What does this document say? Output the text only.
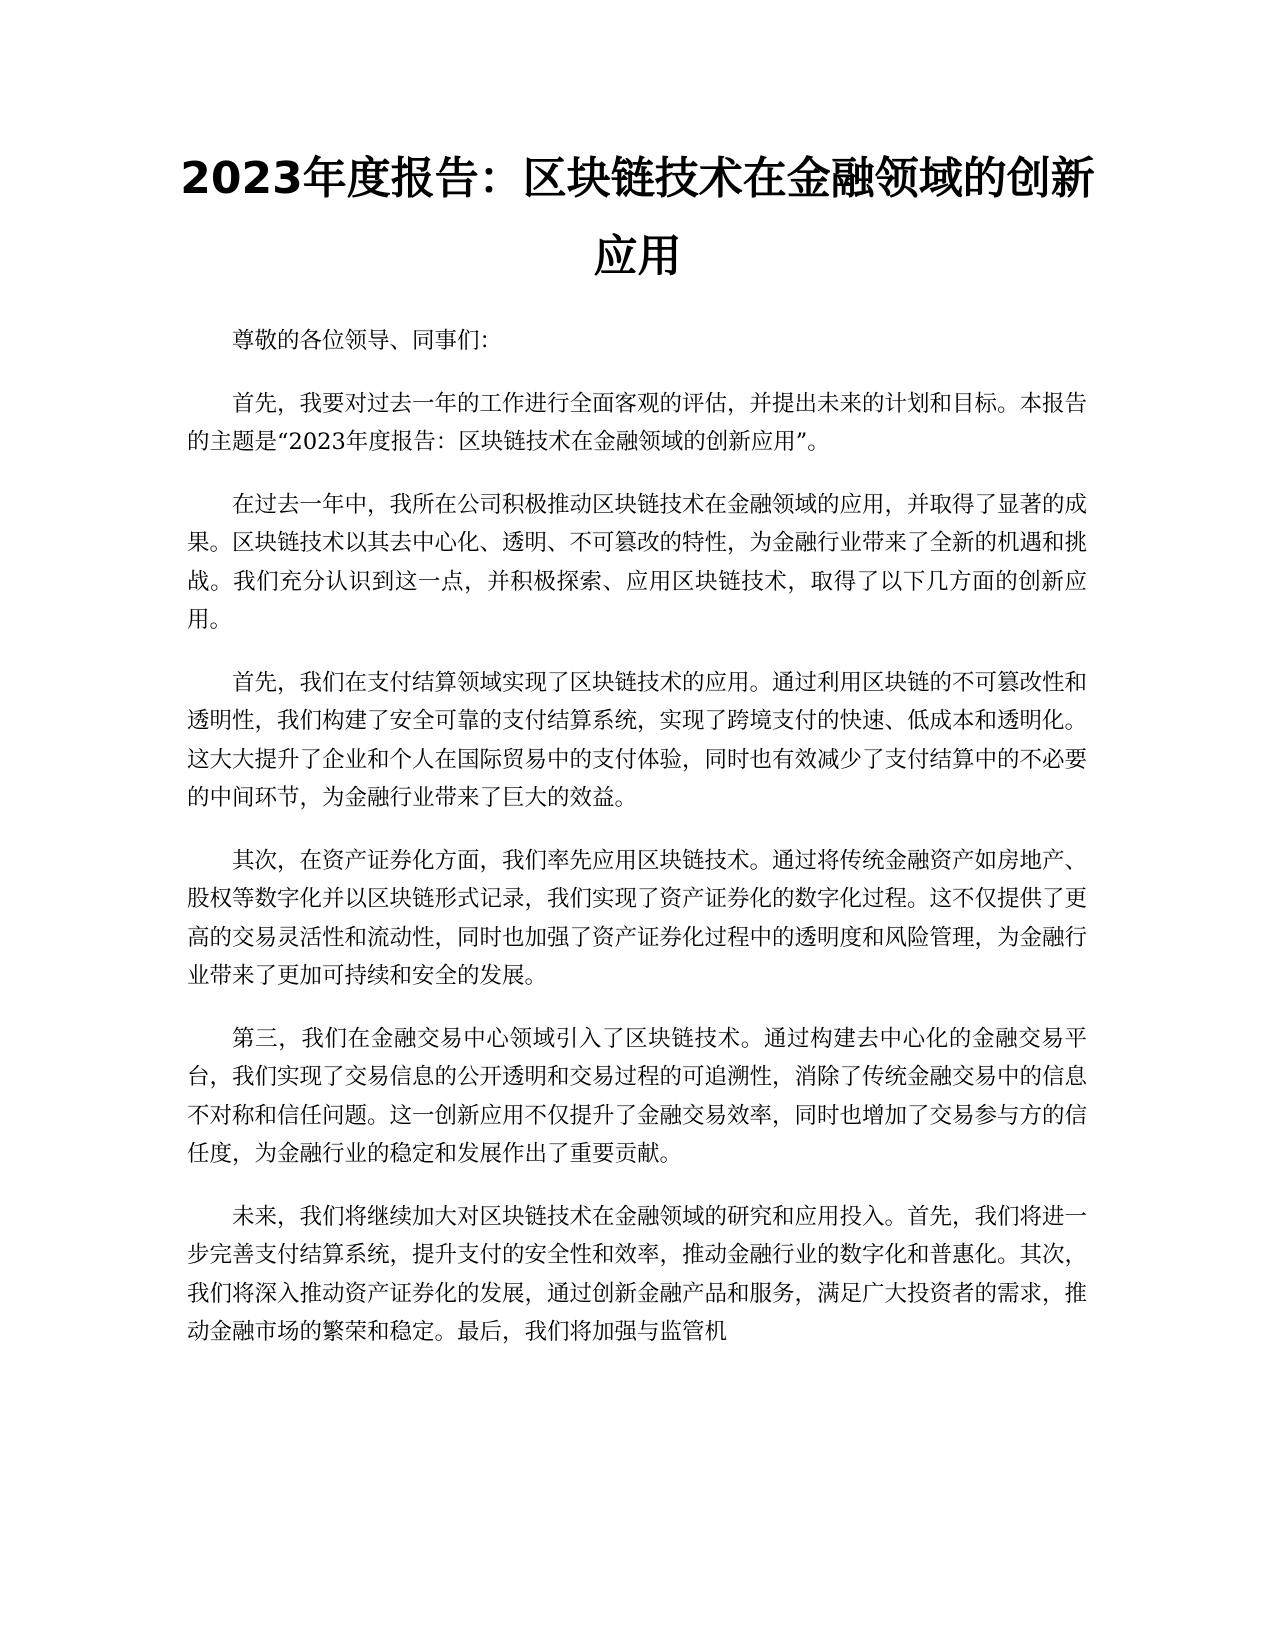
2023年度报告：区块链技术在金融领域的创新应用

尊敬的各位领导、同事们：

首先，我要对过去一年的工作进行全面客观的评估，并提出未来的计划和目标。本报告的主题是“2023年度报告：区块链技术在金融领域的创新应用”。

在过去一年中，我所在公司积极推动区块链技术在金融领域的应用，并取得了显著的成果。区块链技术以其去中心化、透明、不可篡改的特性，为金融行业带来了全新的机遇和挑战。我们充分认识到这一点，并积极探索、应用区块链技术，取得了以下几方面的创新应用。

首先，我们在支付结算领域实现了区块链技术的应用。通过利用区块链的不可篡改性和透明性，我们构建了安全可靠的支付结算系统，实现了跨境支付的快速、低成本和透明化。这大大提升了企业和个人在国际贸易中的支付体验，同时也有效减少了支付结算中的不必要的中间环节，为金融行业带来了巨大的效益。

其次，在资产证券化方面，我们率先应用区块链技术。通过将传统金融资产如房地产、股权等数字化并以区块链形式记录，我们实现了资产证券化的数字化过程。这不仅提供了更高的交易灵活性和流动性，同时也加强了资产证券化过程中的透明度和风险管理，为金融行业带来了更加可持续和安全的发展。

第三，我们在金融交易中心领域引入了区块链技术。通过构建去中心化的金融交易平台，我们实现了交易信息的公开透明和交易过程的可追溯性，消除了传统金融交易中的信息不对称和信任问题。这一创新应用不仅提升了金融交易效率，同时也增加了交易参与方的信任度，为金融行业的稳定和发展作出了重要贡献。

未来，我们将继续加大对区块链技术在金融领域的研究和应用投入。首先，我们将进一步完善支付结算系统，提升支付的安全性和效率，推动金融行业的数字化和普惠化。其次，我们将深入推动资产证券化的发展，通过创新金融产品和服务，满足广大投资者的需求，推动金融市场的繁荣和稳定。最后，我们将加强与监管机
